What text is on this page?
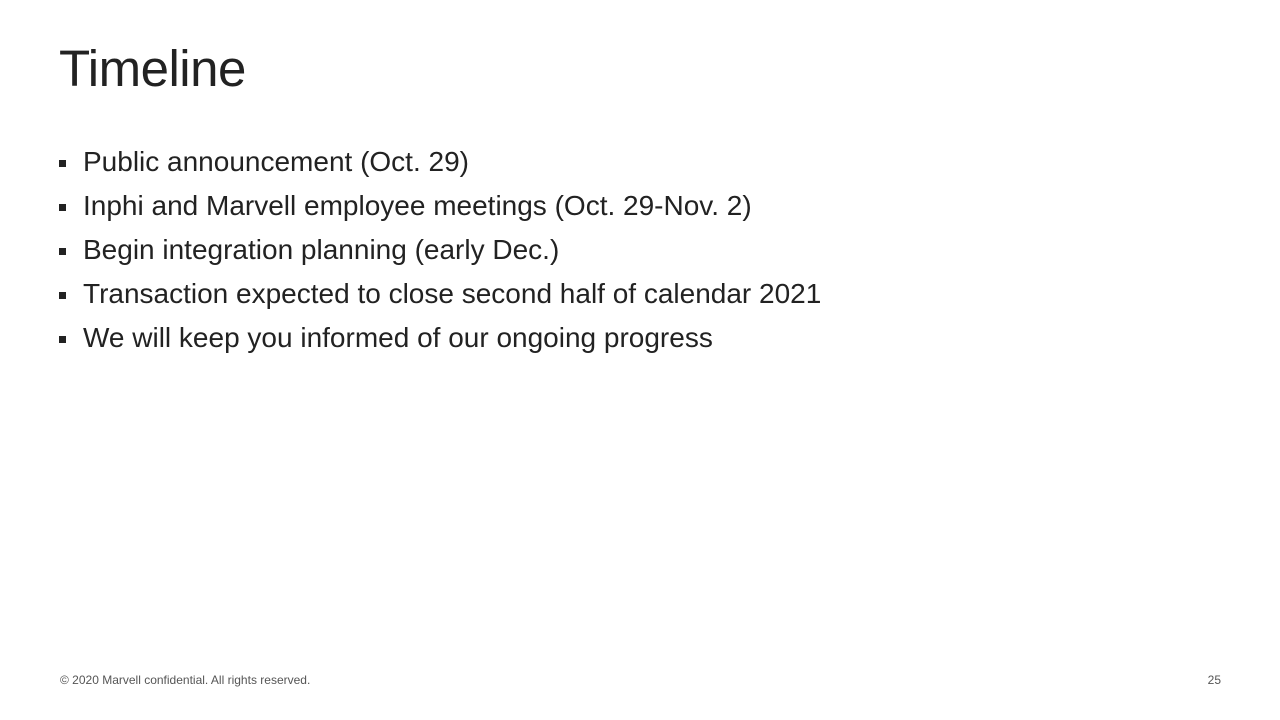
Timeline
Public announcement (Oct. 29)
Inphi and Marvell employee meetings (Oct. 29-Nov. 2)
Begin integration planning (early Dec.)
Transaction expected to close second half of calendar 2021
We will keep you informed of our ongoing progress
© 2020 Marvell confidential. All rights reserved.	25
